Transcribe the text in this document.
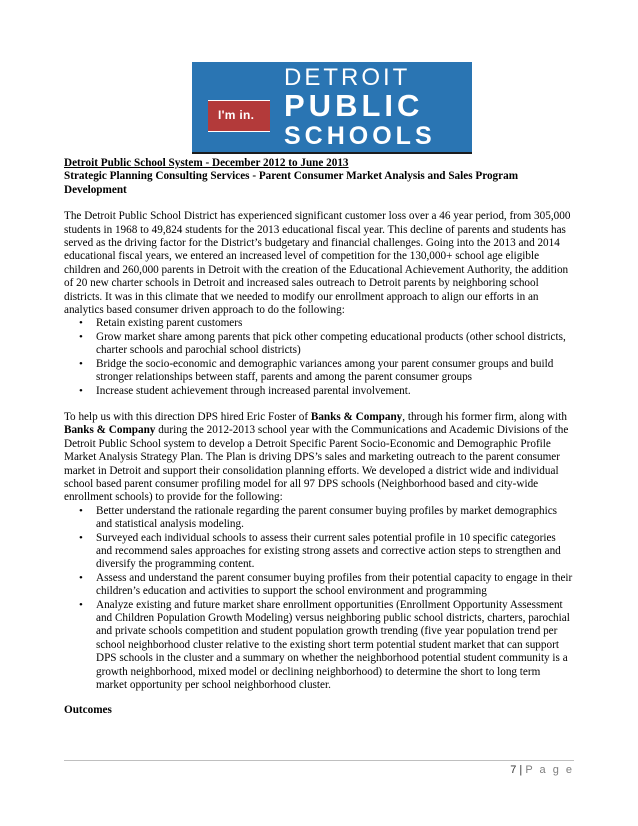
I'm in.
DETROIT
PUBLIC
SCHOOLS

Detroit Public School System - December 2012 to June 2013
Strategic Planning Consulting Services - Parent Consumer Market Analysis and Sales Program Development

The Detroit Public School District has experienced significant customer loss over a 46 year period, from 305,000 students in 1968 to 49,824 students for the 2013 educational fiscal year. This decline of parents and students has served as the driving factor for the District’s budgetary and financial challenges. Going into the 2013 and 2014 educational fiscal years, we entered an increased level of competition for the 130,000+ school age eligible children and 260,000 parents in Detroit with the creation of the Educational Achievement Authority, the addition of 20 new charter schools in Detroit and increased sales outreach to Detroit parents by neighboring school districts. It was in this climate that we needed to modify our enrollment approach to align our efforts in an analytics based consumer driven approach to do the following:

• Retain existing parent customers
• Grow market share among parents that pick other competing educational products (other school districts, charter schools and parochial school districts)
• Bridge the socio-economic and demographic variances among your parent consumer groups and build stronger relationships between staff, parents and among the parent consumer groups
• Increase student achievement through increased parental involvement.

To help us with this direction DPS hired Eric Foster of Banks & Company, through his former firm, along with Banks & Company during the 2012-2013 school year with the Communications and Academic Divisions of the Detroit Public School system to develop a Detroit Specific Parent Socio-Economic and Demographic Profile Market Analysis Strategy Plan. The Plan is driving DPS’s sales and marketing outreach to the parent consumer market in Detroit and support their consolidation planning efforts. We developed a district wide and individual school based parent consumer profiling model for all 97 DPS schools (Neighborhood based and city-wide enrollment schools) to provide for the following:

• Better understand the rationale regarding the parent consumer buying profiles by market demographics and statistical analysis modeling.
• Surveyed each individual schools to assess their current sales potential profile in 10 specific categories and recommend sales approaches for existing strong assets and corrective action steps to strengthen and diversify the programming content.
• Assess and understand the parent consumer buying profiles from their potential capacity to engage in their children’s education and activities to support the school environment and programming
• Analyze existing and future market share enrollment opportunities (Enrollment Opportunity Assessment and Children Population Growth Modeling) versus neighboring public school districts, charters, parochial and private schools competition and student population growth trending (five year population trend per school neighborhood cluster relative to the existing short term potential student market that can support DPS schools in the cluster and a summary on whether the neighborhood potential student community is a growth neighborhood, mixed model or declining neighborhood) to determine the short to long term market opportunity per school neighborhood cluster.

Outcomes

7 | P a g e
